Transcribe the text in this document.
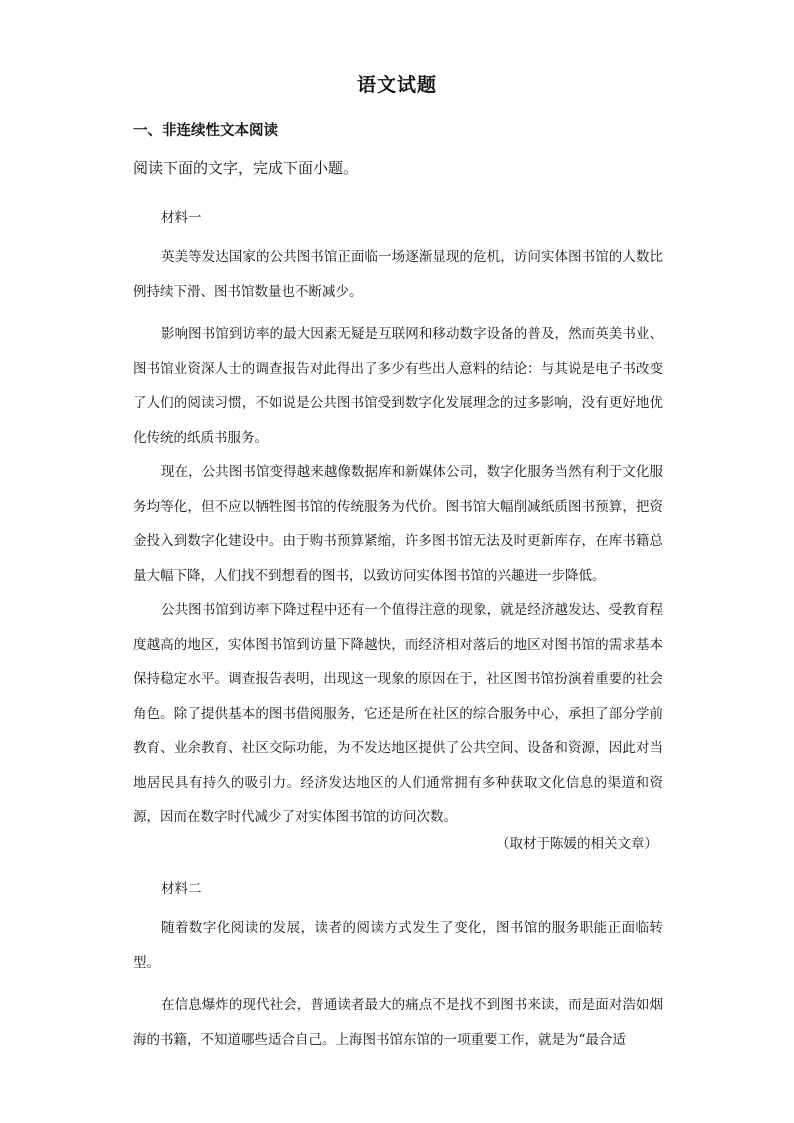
语文试题
一、非连续性文本阅读
阅读下面的文字，完成下面小题。
材料一

英美等发达国家的公共图书馆正面临一场逐渐显现的危机，访问实体图书馆的人数比例持续下滑、图书馆数量也不断减少。

影响图书馆到访率的最大因素无疑是互联网和移动数字设备的普及，然而英美书业、图书馆业资深人士的调查报告对此得出了多少有些出人意料的结论：与其说是电子书改变了人们的阅读习惯，不如说是公共图书馆受到数字化发展理念的过多影响，没有更好地优化传统的纸质书服务。

现在，公共图书馆变得越来越像数据库和新媒体公司，数字化服务当然有利于文化服务均等化，但不应以牺牲图书馆的传统服务为代价。图书馆大幅削减纸质图书预算，把资金投入到数字化建设中。由于购书预算紧缩，许多图书馆无法及时更新库存，在库书籍总量大幅下降，人们找不到想看的图书，以致访问实体图书馆的兴趣进一步降低。

公共图书馆到访率下降过程中还有一个值得注意的现象，就是经济越发达、受教育程度越高的地区，实体图书馆到访量下降越快，而经济相对落后的地区对图书馆的需求基本保持稳定水平。调查报告表明，出现这一现象的原因在于，社区图书馆扮演着重要的社会角色。除了提供基本的图书借阅服务，它还是所在社区的综合服务中心，承担了部分学前教育、业余教育、社区交际功能，为不发达地区提供了公共空间、设备和资源，因此对当地居民具有持久的吸引力。经济发达地区的人们通常拥有多种获取文化信息的渠道和资源，因而在数字时代减少了对实体图书馆的访问次数。

（取材于陈媛的相关文章）
材料二

随着数字化阅读的发展，读者的阅读方式发生了变化，图书馆的服务职能正面临转型。

在信息爆炸的现代社会，普通读者最大的痛点不是找不到图书来读，而是面对浩如烟海的书籍，不知道哪些适合自己。上海图书馆东馆的一项重要工作，就是为“最合适
